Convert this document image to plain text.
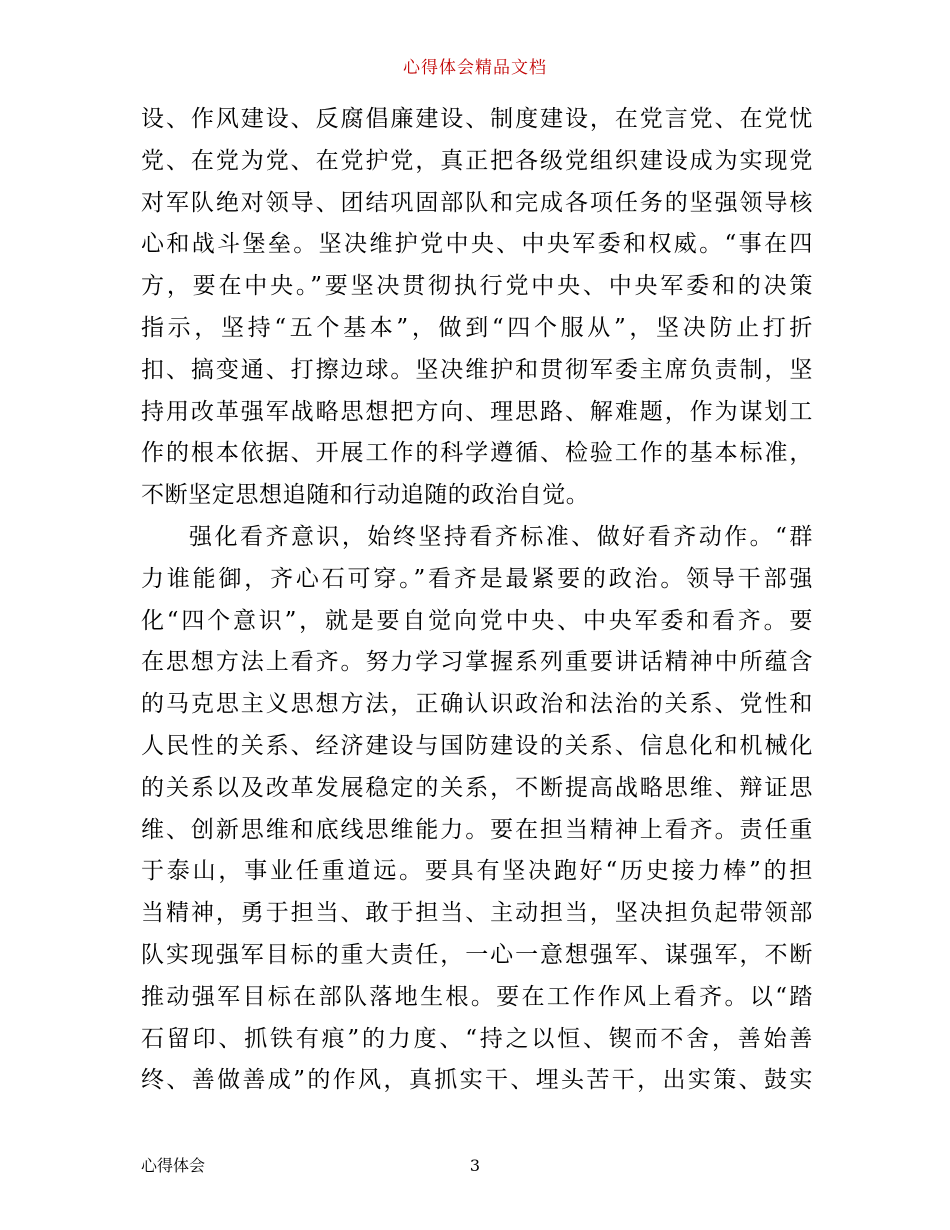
心得体会精品文档
设、作风建设、反腐倡廉建设、制度建设，在党言党、在党忧
党、在党为党、在党护党，真正把各级党组织建设成为实现党
对军队绝对领导、团结巩固部队和完成各项任务的坚强领导核
心和战斗堡垒。坚决维护党中央、中央军委和权威。“事在四
方，要在中央。”要坚决贯彻执行党中央、中央军委和的决策
指示，坚持“五个基本”，做到“四个服从”，坚决防止打折
扣、搞变通、打擦边球。坚决维护和贯彻军委主席负责制，坚
持用改革强军战略思想把方向、理思路、解难题，作为谋划工
作的根本依据、开展工作的科学遵循、检验工作的基本标准，
不断坚定思想追随和行动追随的政治自觉。
强化看齐意识，始终坚持看齐标准、做好看齐动作。“群
力谁能御，齐心石可穿。”看齐是最紧要的政治。领导干部强
化“四个意识”，就是要自觉向党中央、中央军委和看齐。要
在思想方法上看齐。努力学习掌握系列重要讲话精神中所蕴含
的马克思主义思想方法，正确认识政治和法治的关系、党性和
人民性的关系、经济建设与国防建设的关系、信息化和机械化
的关系以及改革发展稳定的关系，不断提高战略思维、辩证思
维、创新思维和底线思维能力。要在担当精神上看齐。责任重
于泰山，事业任重道远。要具有坚决跑好“历史接力棒”的担
当精神，勇于担当、敢于担当、主动担当，坚决担负起带领部
队实现强军目标的重大责任，一心一意想强军、谋强军，不断
推动强军目标在部队落地生根。要在工作作风上看齐。以“踏
石留印、抓铁有痕”的力度、“持之以恒、锲而不舍，善始善
终、善做善成”的作风，真抓实干、埋头苦干，出实策、鼓实
心得体会	3
